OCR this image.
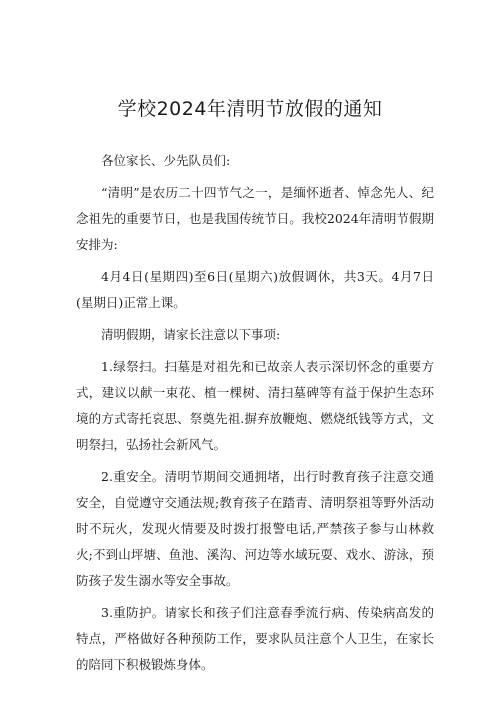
学校2024年清明节放假的通知

各位家长、少先队员们:

“清明”是农历二十四节气之一，是缅怀逝者、悼念先人、纪念祖先的重要节日，也是我国传统节日。我校2024年清明节假期安排为:

4月4日(星期四)至6日(星期六)放假调休，共3天。4月7日(星期日)正常上课。

清明假期，请家长注意以下事项:

1.绿祭扫。扫墓是对祖先和已故亲人表示深切怀念的重要方式，建议以献一束花、植一棵树、清扫墓碑等有益于保护生态环境的方式寄托哀思、祭奠先祖.摒弃放鞭炮、燃烧纸钱等方式，文明祭扫，弘扬社会新风气。

2.重安全。清明节期间交通拥堵，出行时教育孩子注意交通安全，自觉遵守交通法规;教育孩子在踏青、清明祭祖等野外活动时不玩火，发现火情要及时拨打报警电话,严禁孩子参与山林救火;不到山坪塘、鱼池、溪沟、河边等水域玩耍、戏水、游泳，预防孩子发生溺水等安全事故。

3.重防护。请家长和孩子们注意春季流行病、传染病高发的特点，严格做好各种预防工作，要求队员注意个人卫生，在家长的陪同下积极锻炼身体。
